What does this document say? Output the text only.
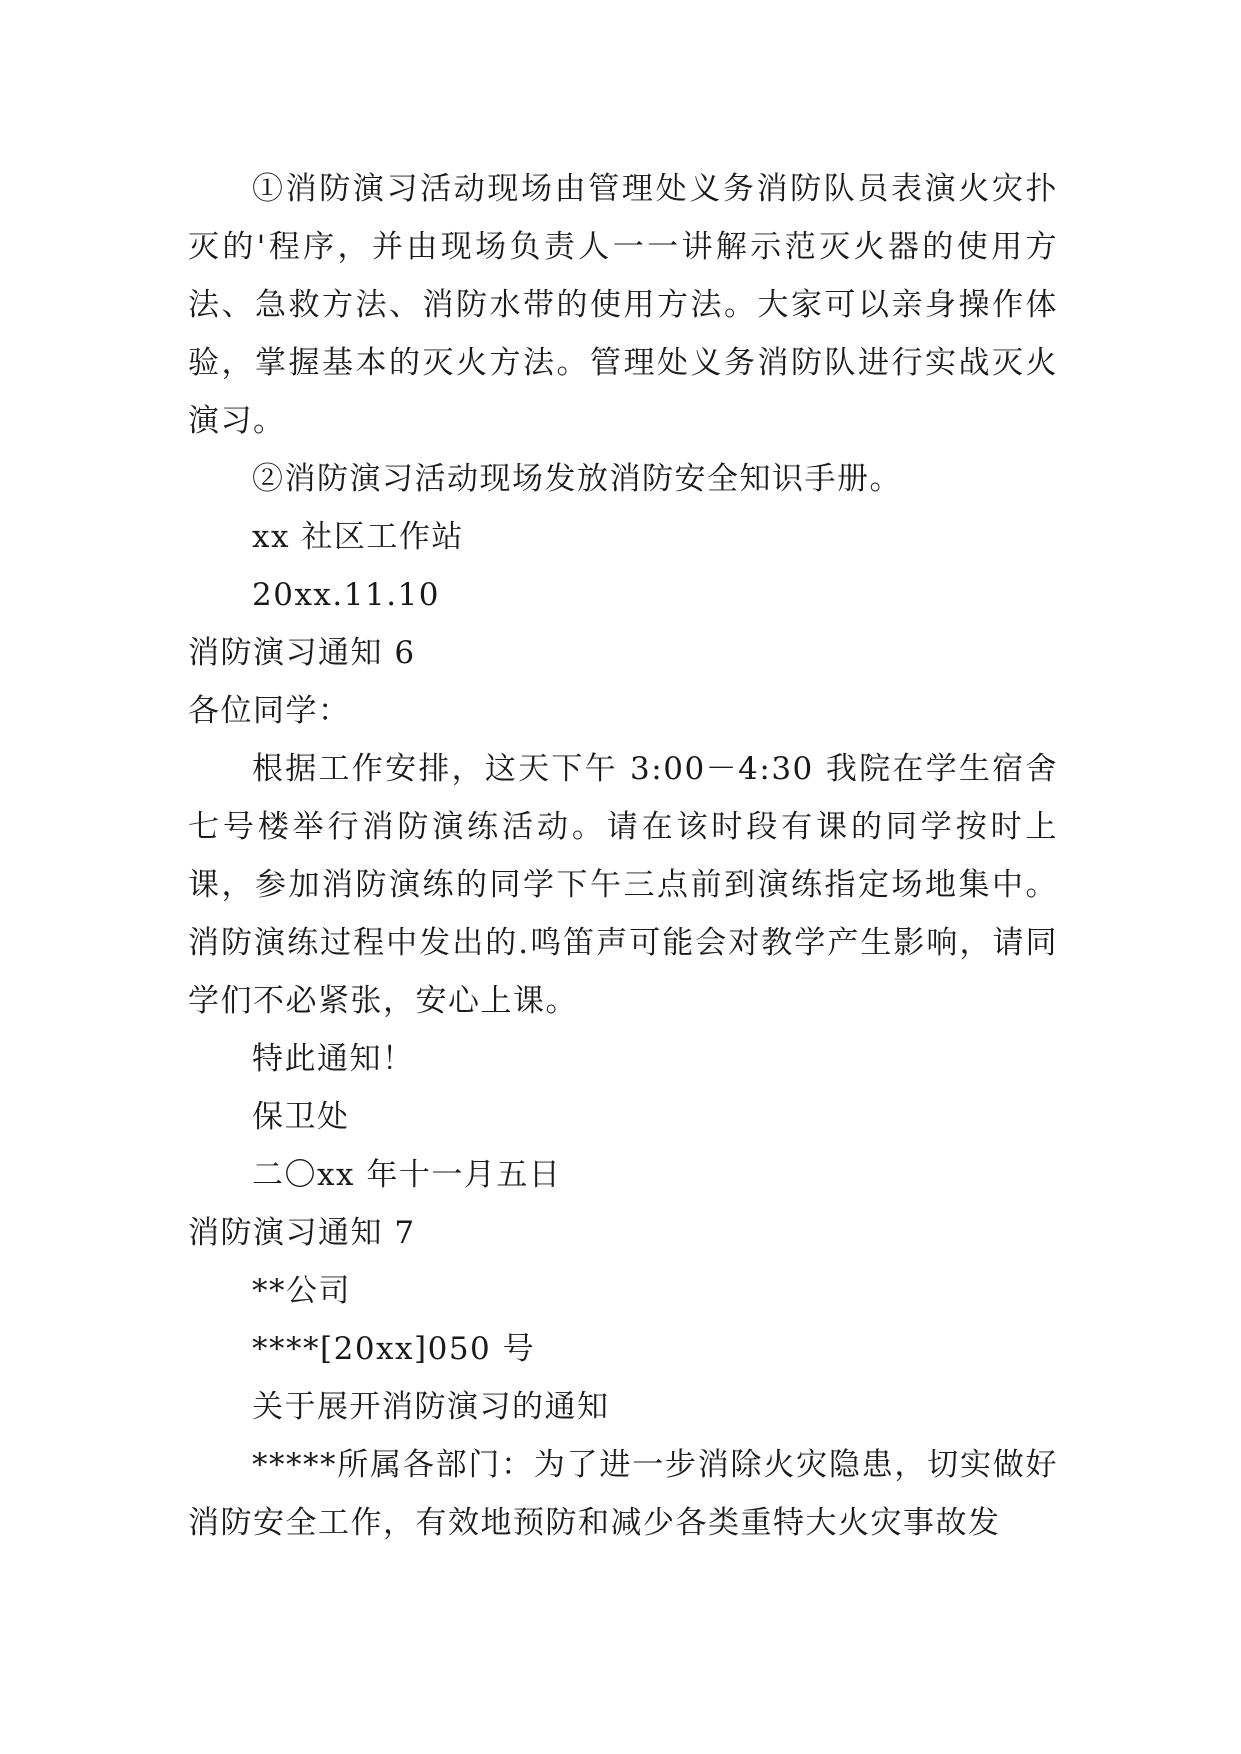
①消防演习活动现场由管理处义务消防队员表演火灾扑灭的'程序，并由现场负责人一一讲解示范灭火器的使用方法、急救方法、消防水带的使用方法。大家可以亲身操作体验，掌握基本的灭火方法。管理处义务消防队进行实战灭火演习。
②消防演习活动现场发放消防安全知识手册。
xx 社区工作站
20xx.11.10
消防演习通知 6
各位同学：
根据工作安排，这天下午 3:00－4:30 我院在学生宿舍七号楼举行消防演练活动。请在该时段有课的同学按时上课，参加消防演练的同学下午三点前到演练指定场地集中。消防演练过程中发出的.鸣笛声可能会对教学产生影响，请同学们不必紧张，安心上课。
特此通知！
保卫处
二〇xx 年十一月五日
消防演习通知 7
**公司
****[20xx]050 号
关于展开消防演习的通知
*****所属各部门：为了进一步消除火灾隐患，切实做好消防安全工作，有效地预防和减少各类重特大火灾事故发
